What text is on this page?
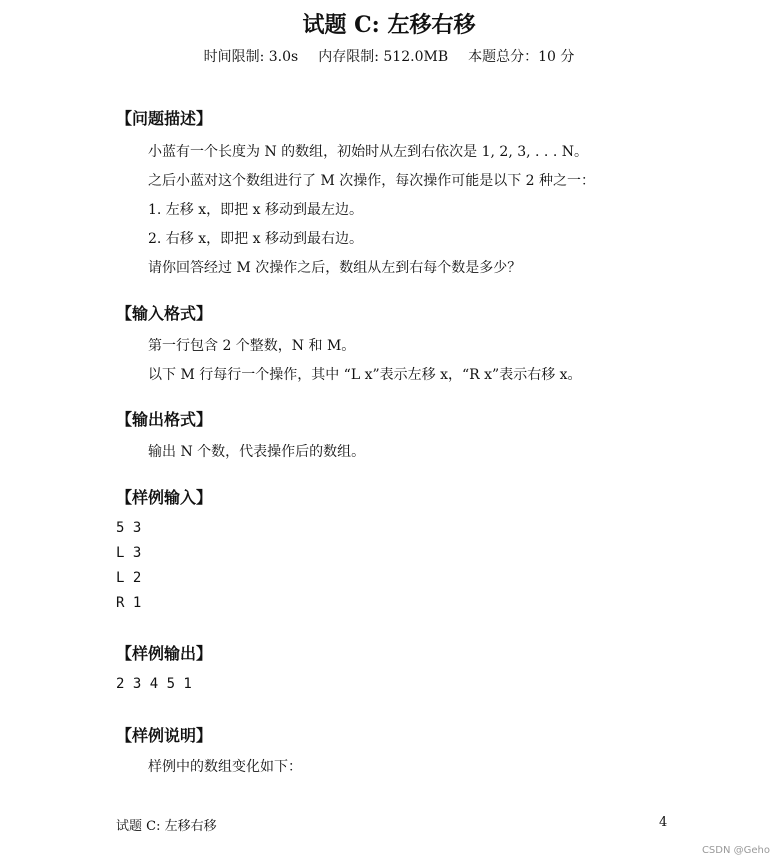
试题 C: 左移右移
时间限制: 3.0s 内存限制: 512.0MB 本题总分：10 分
【问题描述】
小蓝有一个长度为 N 的数组，初始时从左到右依次是 1, 2, 3, . . . N。
之后小蓝对这个数组进行了 M 次操作，每次操作可能是以下 2 种之一：
1. 左移 x，即把 x 移动到最左边。
2. 右移 x，即把 x 移动到最右边。
请你回答经过 M 次操作之后，数组从左到右每个数是多少？
【输入格式】
第一行包含 2 个整数，N 和 M。
以下 M 行每行一个操作，其中 “L x”表示左移 x，“R x”表示右移 x。
【输出格式】
输出 N 个数，代表操作后的数组。
【样例输入】
5 3
L 3
L 2
R 1
【样例输出】
2 3 4 5 1
【样例说明】
样例中的数组变化如下：
试题 C: 左移右移	4
CSDN @Geho
